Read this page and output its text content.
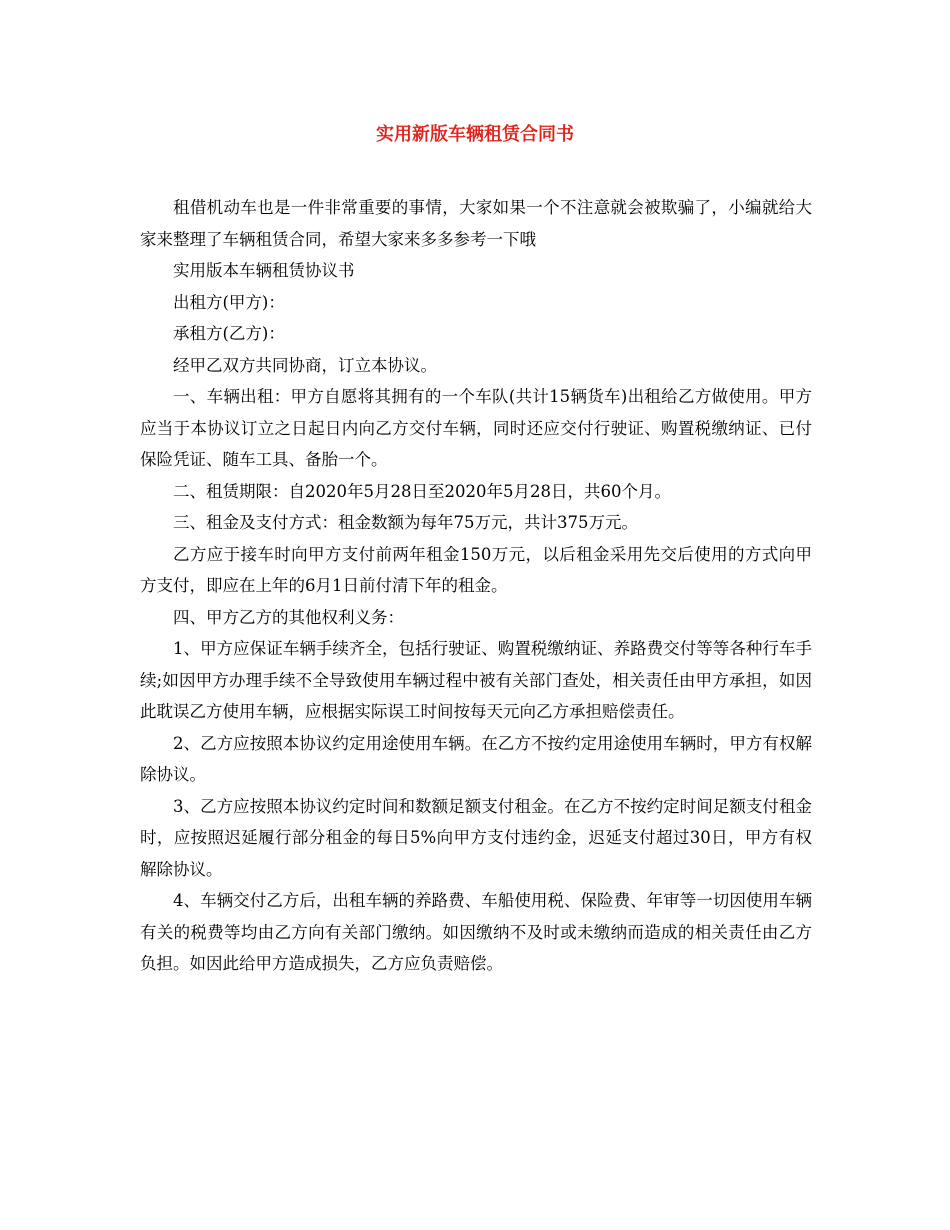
实用新版车辆租赁合同书

租借机动车也是一件非常重要的事情，大家如果一个不注意就会被欺骗了，小编就给大家来整理了车辆租赁合同，希望大家来多多参考一下哦

实用版本车辆租赁协议书

出租方(甲方)：

承租方(乙方)：

经甲乙双方共同协商，订立本协议。

一、车辆出租：甲方自愿将其拥有的一个车队(共计15辆货车)出租给乙方做使用。甲方应当于本协议订立之日起日内向乙方交付车辆，同时还应交付行驶证、购置税缴纳证、已付保险凭证、随车工具、备胎一个。

二、租赁期限：自2020年5月28日至2020年5月28日，共60个月。

三、租金及支付方式：租金数额为每年75万元，共计375万元。

乙方应于接车时向甲方支付前两年租金150万元，以后租金采用先交后使用的方式向甲方支付，即应在上年的6月1日前付清下年的租金。

四、甲方乙方的其他权利义务：

1、甲方应保证车辆手续齐全，包括行驶证、购置税缴纳证、养路费交付等等各种行车手续;如因甲方办理手续不全导致使用车辆过程中被有关部门查处，相关责任由甲方承担，如因此耽误乙方使用车辆，应根据实际误工时间按每天元向乙方承担赔偿责任。

2、乙方应按照本协议约定用途使用车辆。在乙方不按约定用途使用车辆时，甲方有权解除协议。

3、乙方应按照本协议约定时间和数额足额支付租金。在乙方不按约定时间足额支付租金时，应按照迟延履行部分租金的每日5%向甲方支付违约金，迟延支付超过30日，甲方有权解除协议。

4、车辆交付乙方后，出租车辆的养路费、车船使用税、保险费、年审等一切因使用车辆有关的税费等均由乙方向有关部门缴纳。如因缴纳不及时或未缴纳而造成的相关责任由乙方负担。如因此给甲方造成损失，乙方应负责赔偿。
